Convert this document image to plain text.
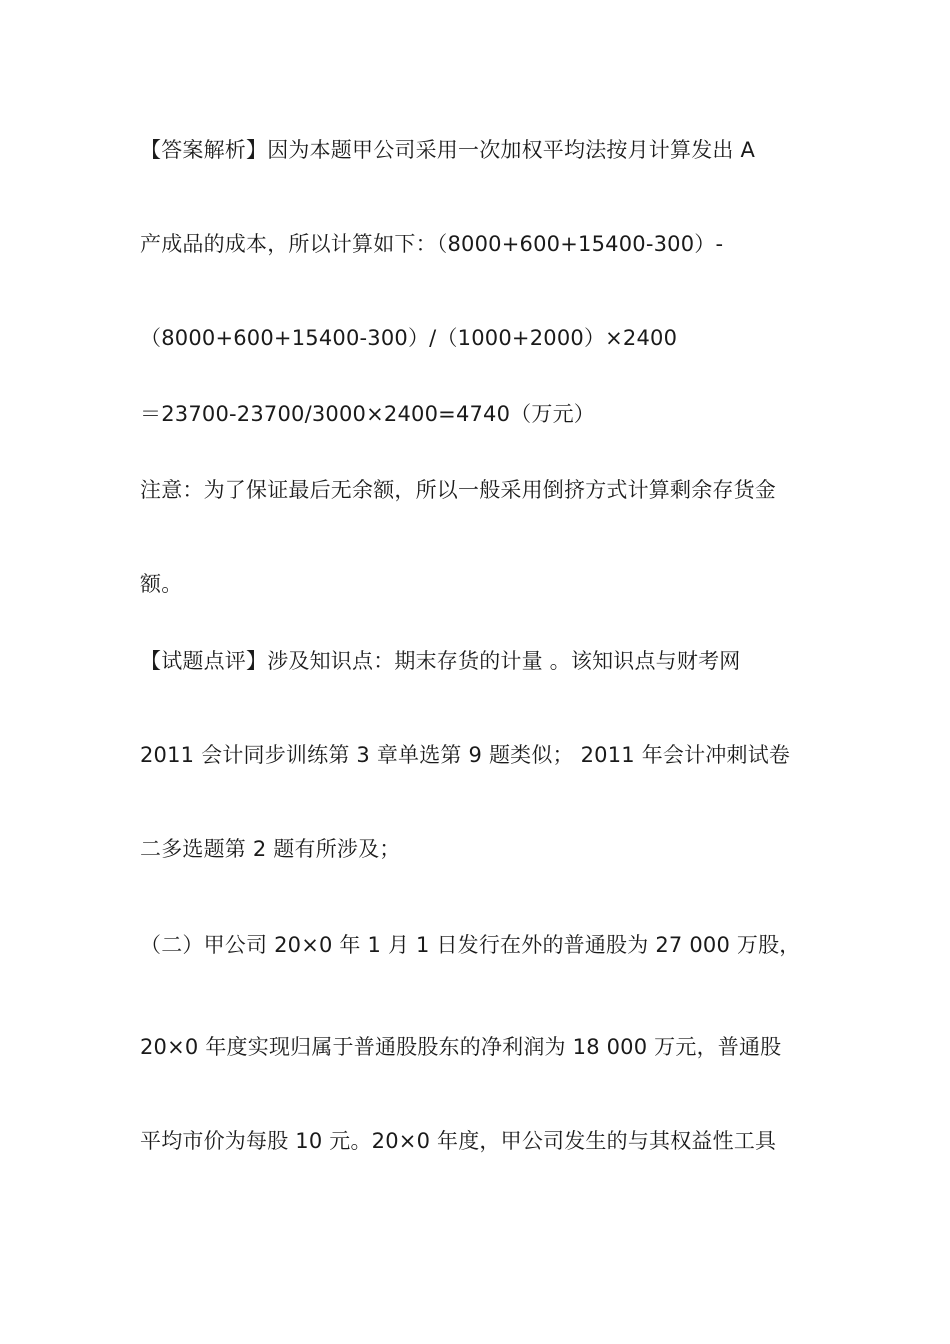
【答案解析】因为本题甲公司采用一次加权平均法按月计算发出 A
产成品的成本，所以计算如下：（8000+600+15400-300）-
（8000+600+15400-300）/（1000+2000）×2400
＝23700-23700/3000×2400=4740（万元）
注意：为了保证最后无余额，所以一般采用倒挤方式计算剩余存货金
额。
【试题点评】涉及知识点：期末存货的计量 。该知识点与财考网
2011 会计同步训练第 3 章单选第 9 题类似； 2011 年会计冲刺试卷
二多选题第 2 题有所涉及；
（二）甲公司 20×0 年 1 月 1 日发行在外的普通股为 27 000 万股，
20×0 年度实现归属于普通股股东的净利润为 18 000 万元，普通股
平均市价为每股 10 元。20×0 年度，甲公司发生的与其权益性工具
